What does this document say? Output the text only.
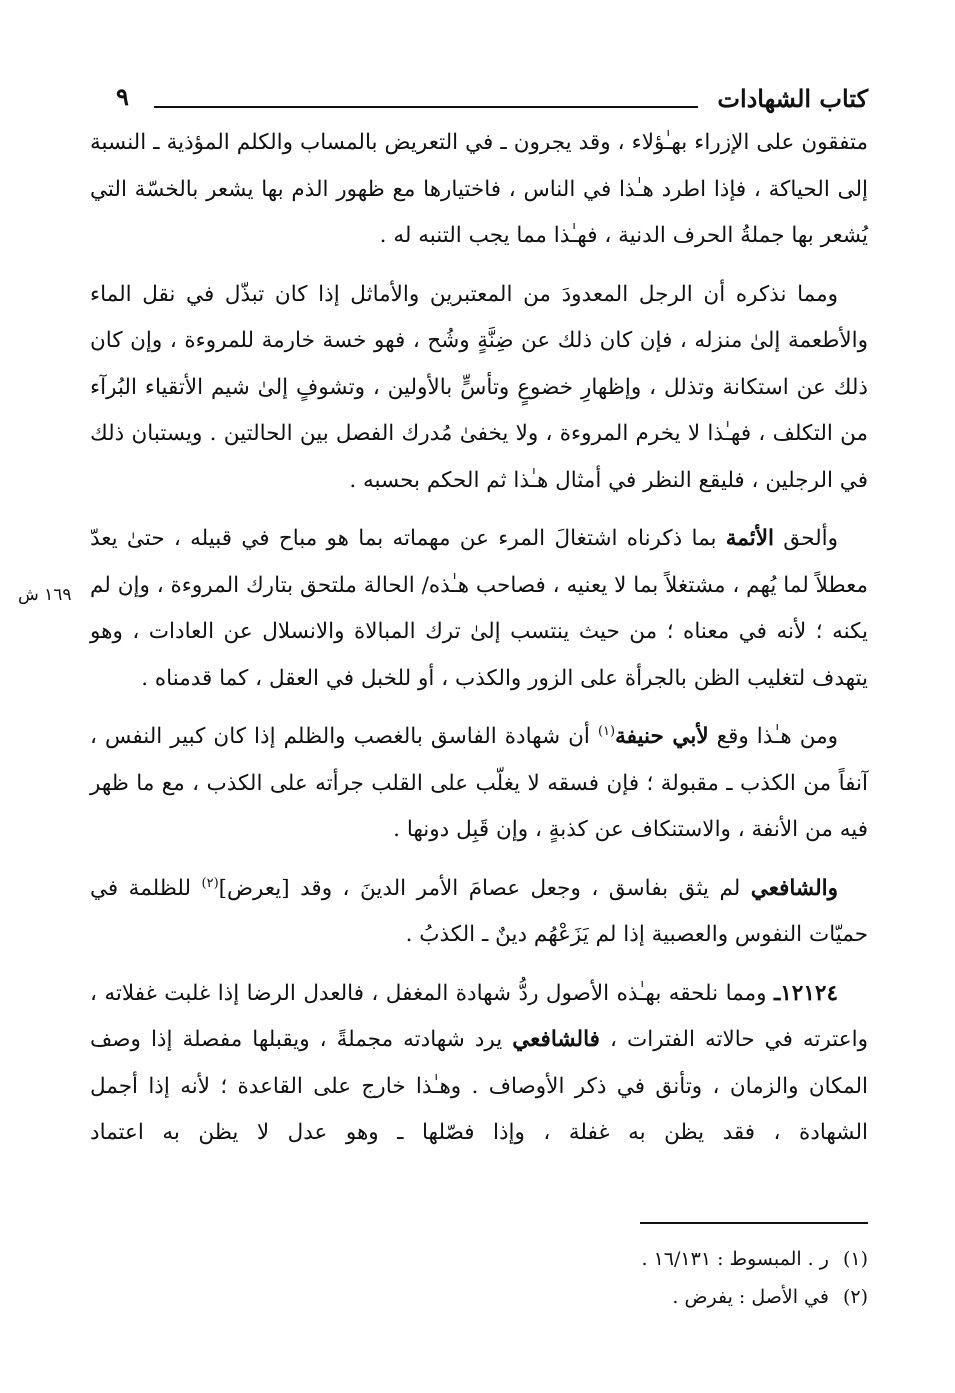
كتاب الشهادات
٩
١٦٩ ش

متفقون على الإزراء بهـٰؤلاء ، وقد يجرون ـ في التعريض بالمساب والكلم المؤذية ـ النسبة إلى الحياكة ، فإذا اطرد هـٰذا في الناس ، فاختيارها مع ظهور الذم بها يشعر بالخسّة التي يُشعر بها جملةُ الحرف الدنية ، فهـٰذا مما يجب التنبه له .

ومما نذكره أن الرجل المعدودَ من المعتبرين والأماثل إذا كان تبذّل في نقل الماء والأطعمة إلىٰ منزله ، فإن كان ذلك عن ضِنَّةٍ وشُح ، فهو خسة خارمة للمروءة ، وإن كان ذلك عن استكانة وتذلل ، وإظهارِ خضوعٍ وتأسٍّ بالأولين ، وتشوفٍ إلىٰ شيم الأتقياء البُرآء من التكلف ، فهـٰذا لا يخرم المروءة ، ولا يخفىٰ مُدرك الفصل بين الحالتين . ويستبان ذلك في الرجلين ، فليقع النظر في أمثال هـٰذا ثم الحكم بحسبه .

وألحق الأئمة بما ذكرناه اشتغالَ المرء عن مهماته بما هو مباح في قبيله ، حتىٰ يعدّ معطلاً لما يُهم ، مشتغلاً بما لا يعنيه ، فصاحب هـٰذه/ الحالة ملتحق بتارك المروءة ، وإن لم يكنه ؛ لأنه في معناه ؛ من حيث ينتسب إلىٰ ترك المبالاة والانسلال عن العادات ، وهو يتهدف لتغليب الظن بالجرأة على الزور والكذب ، أو للخبل في العقل ، كما قدمناه .

ومن هـٰذا وقع لأبي حنيفة$^{(١)}$ أن شهادة الفاسق بالغصب والظلم إذا كان كبير النفس ، آنفاً من الكذب ـ مقبولة ؛ فإن فسقه لا يغلّب على القلب جرأته على الكذب ، مع ما ظهر فيه من الأنفة ، والاستنكاف عن كذبةٍ ، وإن قَبِل دونها .

والشافعي لم يثق بفاسق ، وجعل عصامَ الأمر الدينَ ، وقد [يعرض]$^{(٢)}$ للظلمة في حميّات النفوس والعصبية إذا لم يَزَعْهُم دينٌ ـ الكذبُ .

١٢١٢٤ـ ومما نلحقه بهـٰذه الأصول ردُّ شهادة المغفل ، فالعدل الرضا إذا غلبت غفلاته ، واعترته في حالاته الفترات ، فالشافعي يرد شهادته مجملةً ، ويقبلها مفصلة إذا وصف المكان والزمان ، وتأنق في ذكر الأوصاف . وهـٰذا خارج على القاعدة ؛ لأنه إذا أجمل الشهادة ، فقد يظن به غفلة ، وإذا فصّلها ـ وهو عدل لا يظن به اعتماد

(١)ر . المبسوط : ١٦/١٣١ .
(٢)في الأصل : يفرض .
